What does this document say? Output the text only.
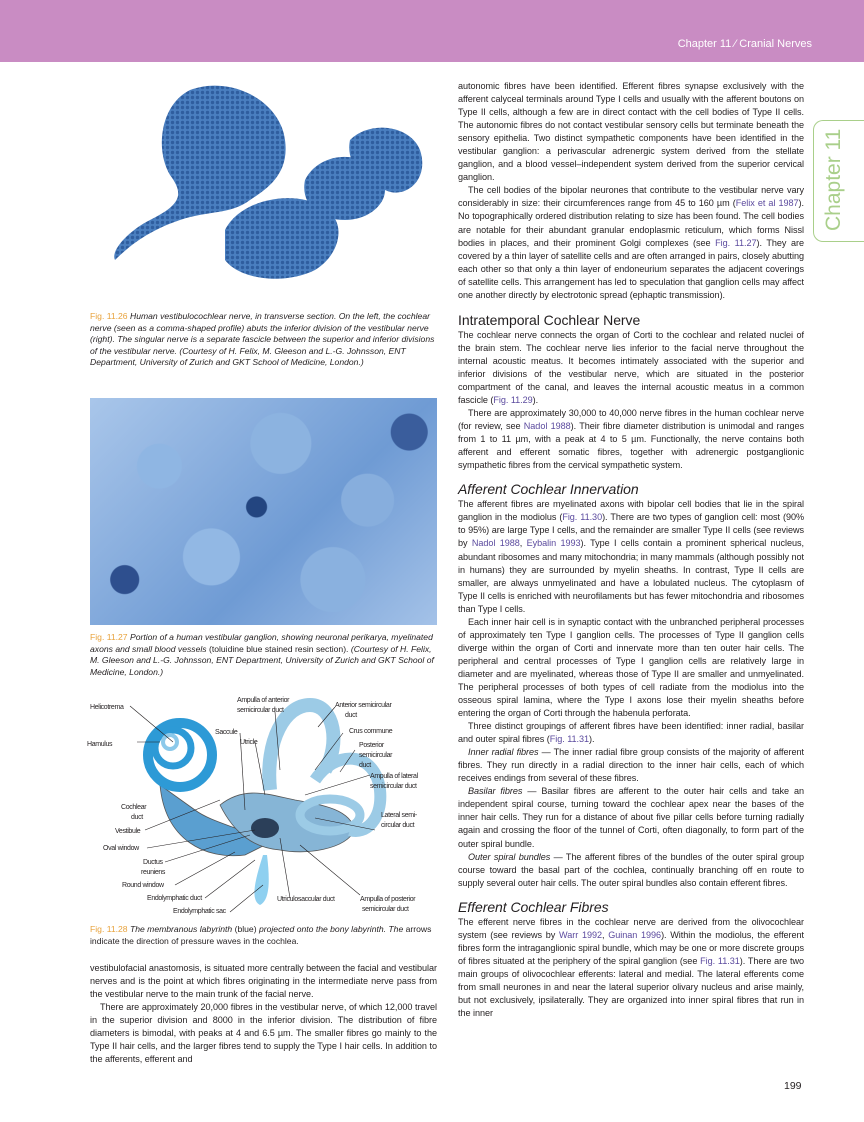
Chapter 11 ⁄ Cranial Nerves
Chapter 11
Fig. 11.26 Human vestibulocochlear nerve, in transverse section. On the left, the cochlear nerve (seen as a comma-shaped profile) abuts the inferior division of the vestibular nerve (right). The singular nerve is a separate fascicle between the superior and inferior divisions of the vestibular nerve. (Courtesy of H. Felix, M. Gleeson and L.-G. Johnsson, ENT Department, University of Zurich and GKT School of Medicine, London.)
Fig. 11.27 Portion of a human vestibular ganglion, showing neuronal perikarya, myelinated axons and small blood vessels (toluidine blue stained resin section). (Courtesy of H. Felix, M. Gleeson and L.-G. Johnsson, ENT Department, University of Zurich and GKT School of Medicine, London.)
Helicotrema
Hamulus
Saccule
Utricle
Ampulla of anterior
semicircular duct
Anterior semicircular
duct
Crus commune
Posterior
semicircular
duct
Ampulla of lateral
semicircular duct
Lateral semi-
circular duct
Cochlear
duct
Vestibule
Oval window
Ductus
reuniens
Round window
Endolymphatic duct
Endolymphatic sac
Utriculosaccular duct	Ampulla of posterior
semicircular duct
Fig. 11.28 The membranous labyrinth (blue) projected onto the bony labyrinth. The arrows indicate the direction of pressure waves in the cochlea.

vestibulofacial anastomosis, is situated more centrally between the facial and vestibular nerves and is the point at which fibres originating in the intermediate nerve pass from the vestibular nerve to the main trunk of the facial nerve.

There are approximately 20,000 fibres in the vestibular nerve, of which 12,000 travel in the superior division and 8000 in the inferior division. The distribution of fibre diameters is bimodal, with peaks at 4 and 6.5 µm. The smaller fibres go mainly to the Type II hair cells, and the larger fibres tend to supply the Type I hair cells. In addition to the afferents, efferent and

autonomic fibres have been identified. Efferent fibres synapse exclusively with the afferent calyceal terminals around Type I cells and usually with the afferent boutons on Type II cells, although a few are in direct contact with the cell bodies of Type II cells. The autonomic fibres do not contact vestibular sensory cells but terminate beneath the sensory epithelia. Two distinct sympathetic components have been identified in the vestibular ganglion: a perivascular adrenergic system derived from the stellate ganglion, and a blood vessel–independent system derived from the superior cervical ganglion.

The cell bodies of the bipolar neurones that contribute to the vestibular nerve vary considerably in size: their circumferences range from 45 to 160 µm (Felix et al 1987). No topographically ordered distribution relating to size has been found. The cell bodies are notable for their abundant granular endoplasmic reticulum, which forms Nissl bodies in places, and their prominent Golgi complexes (see Fig. 11.27). They are covered by a thin layer of satellite cells and are often arranged in pairs, closely abutting each other so that only a thin layer of endoneurium separates the adjacent coverings of satellite cells. This arrangement has led to speculation that ganglion cells may affect one another directly by electrotonic spread (ephaptic transmission).

Intratemporal Cochlear Nerve

The cochlear nerve connects the organ of Corti to the cochlear and related nuclei of the brain stem. The cochlear nerve lies inferior to the facial nerve throughout the internal acoustic meatus. It becomes intimately associated with the superior and inferior divisions of the vestibular nerve, which are situated in the posterior compartment of the canal, and leaves the internal acoustic meatus in a common fascicle (Fig. 11.29).

There are approximately 30,000 to 40,000 nerve fibres in the human cochlear nerve (for review, see Nadol 1988). Their fibre diameter distribution is unimodal and ranges from 1 to 11 µm, with a peak at 4 to 5 µm. Functionally, the nerve contains both afferent and efferent somatic fibres, together with adrenergic postganglionic sympathetic fibres from the cervical sympathetic system.

Afferent Cochlear Innervation

The afferent fibres are myelinated axons with bipolar cell bodies that lie in the spiral ganglion in the modiolus (Fig. 11.30). There are two types of ganglion cell: most (90% to 95%) are large Type I cells, and the remainder are smaller Type II cells (see reviews by Nadol 1988, Eybalin 1993). Type I cells contain a prominent spherical nucleus, abundant ribosomes and many mitochondria; in many mammals (although possibly not in humans) they are surrounded by myelin sheaths. In contrast, Type II cells are smaller, are always unmyelinated and have a lobulated nucleus. The cytoplasm of Type II cells is enriched with neurofilaments but has fewer mitochondria and ribosomes than Type I cells.

Each inner hair cell is in synaptic contact with the unbranched peripheral processes of approximately ten Type I ganglion cells. The processes of Type II ganglion cells diverge within the organ of Corti and innervate more than ten outer hair cells. The peripheral and central processes of Type I ganglion cells are relatively large in diameter and are myelinated, whereas those of Type II are smaller and unmyelinated. The peripheral processes of both types of cell radiate from the modiolus into the osseous spiral lamina, where the Type I axons lose their myelin sheaths before entering the organ of Corti through the habenula perforata.

Three distinct groupings of afferent fibres have been identified: inner radial, basilar and outer spiral fibres (Fig. 11.31).

Inner radial fibres — The inner radial fibre group consists of the majority of afferent fibres. They run directly in a radial direction to the inner hair cells, each of which receives endings from several of these fibres.

Basilar fibres — Basilar fibres are afferent to the outer hair cells and take an independent spiral course, turning toward the cochlear apex near the bases of the inner hair cells. They run for a distance of about five pillar cells before turning radially again and crossing the floor of the tunnel of Corti, often diagonally, to form part of the outer spiral bundle.

Outer spiral bundles — The afferent fibres of the bundles of the outer spiral group course toward the basal part of the cochlea, continually branching off en route to supply several outer hair cells. The outer spiral bundles also contain efferent fibres.

Efferent Cochlear Fibres

The efferent nerve fibres in the cochlear nerve are derived from the olivocochlear system (see reviews by Warr 1992, Guinan 1996). Within the modiolus, the efferent fibres form the intraganglionic spiral bundle, which may be one or more discrete groups of fibres situated at the periphery of the spiral ganglion (see Fig. 11.31). There are two main groups of olivocochlear efferents: lateral and medial. The lateral efferents come from small neurones in and near the lateral superior olivary nucleus and arise mainly, but not exclusively, ipsilaterally. They are organized into inner spiral fibres that run in the inner

199
